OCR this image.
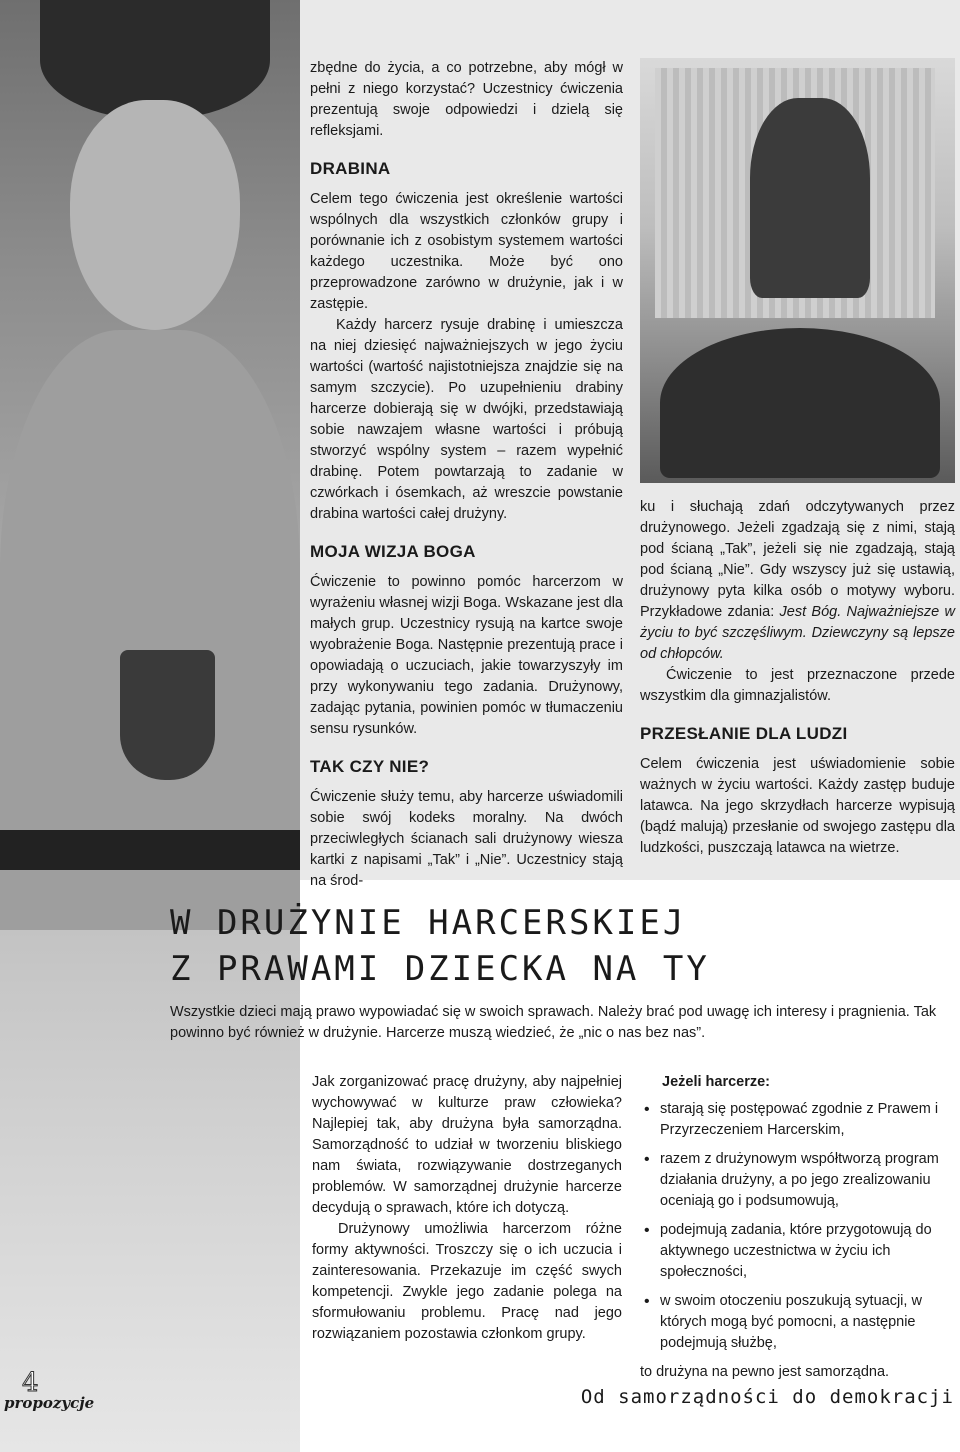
zbędne do życia, a co potrzebne, aby mógł w pełni z niego korzystać? Uczestnicy ćwiczenia prezentują swoje odpowiedzi i dzielą się refleksjami.

DRABINA

Celem tego ćwiczenia jest określenie wartości wspólnych dla wszystkich członków grupy i porównanie ich z osobistym systemem wartości każdego uczestnika. Może być ono przeprowadzone zarówno w drużynie, jak i w zastępie.

Każdy harcerz rysuje drabinę i umieszcza na niej dziesięć najważniejszych w jego życiu wartości (wartość najistotniejsza znajdzie się na samym szczycie). Po uzupełnieniu drabiny harcerze dobierają się w dwójki, przedstawiają sobie nawzajem własne wartości i próbują stworzyć wspólny system – razem wypełnić drabinę. Potem powtarzają to zadanie w czwórkach i ósemkach, aż wreszcie powstanie drabina wartości całej drużyny.

MOJA WIZJA BOGA

Ćwiczenie to powinno pomóc harcerzom w wyrażeniu własnej wizji Boga. Wskazane jest dla małych grup. Uczestnicy rysują na kartce swoje wyobrażenie Boga. Następnie prezentują prace i opowiadają o uczuciach, jakie towarzyszyły im przy wykonywaniu tego zadania. Drużynowy, zadając pytania, powinien pomóc w tłumaczeniu sensu rysunków.

TAK CZY NIE?

Ćwiczenie służy temu, aby harcerze uświadomili sobie swój kodeks moralny. Na dwóch przeciwległych ścianach sali drużynowy wiesza kartki z napisami „Tak” i „Nie”. Uczestnicy stają na środ-

ku i słuchają zdań odczytywanych przez drużynowego. Jeżeli zgadzają się z nimi, stają pod ścianą „Tak”, jeżeli się nie zgadzają, stają pod ścianą „Nie”. Gdy wszyscy już się ustawią, drużynowy pyta kilka osób o motywy wyboru. Przykładowe zdania: Jest Bóg. Najważniejsze w życiu to być szczęśliwym. Dziewczyny są lepsze od chłopców.

Ćwiczenie to jest przeznaczone przede wszystkim dla gimnazjalistów.

PRZESŁANIE DLA LUDZI

Celem ćwiczenia jest uświadomienie sobie ważnych w życiu wartości. Każdy zastęp buduje latawca. Na jego skrzydłach harcerze wypisują (bądź malują) przesłanie od swojego zastępu dla ludzkości, puszczają latawca na wietrze.

W DRUŻYNIE HARCERSKIEJ

Z PRAWAMI DZIECKA NA TY

Wszystkie dzieci mają prawo wypowiadać się w swoich sprawach. Należy brać pod uwagę ich interesy i pragnienia. Tak powinno być również w drużynie. Harcerze muszą wiedzieć, że „nic o nas bez nas”.

Jak zorganizować pracę drużyny, aby najpełniej wychowywać w kulturze praw człowieka? Najlepiej tak, aby drużyna była samorządna. Samorządność to udział w tworzeniu bliskiego nam świata, rozwiązywanie dostrzeganych problemów. W samorządnej drużynie harcerze decydują o sprawach, które ich dotyczą.

Drużynowy umożliwia harcerzom różne formy aktywności. Troszczy się o ich uczucia i zainteresowania. Przekazuje im część swych kompetencji. Zwykle jego zadanie polega na sformułowaniu problemu. Pracę nad jego rozwiązaniem pozostawia członkom grupy.

Jeżeli harcerze:

• starają się postępować zgodnie z Prawem i Przyrzeczeniem Harcerskim,
• razem z drużynowym współtworzą program działania drużyny, a po jego zrealizowaniu oceniają go i podsumowują,
• podejmują zadania, które przygotowują do aktywnego uczestnictwa w życiu ich społeczności,
• w swoim otoczeniu poszukują sytuacji, w których mogą być pomocni, a następnie podejmują służbę,

to drużyna na pewno jest samorządna.

4
propozycje	Od samorządności do demokracji
